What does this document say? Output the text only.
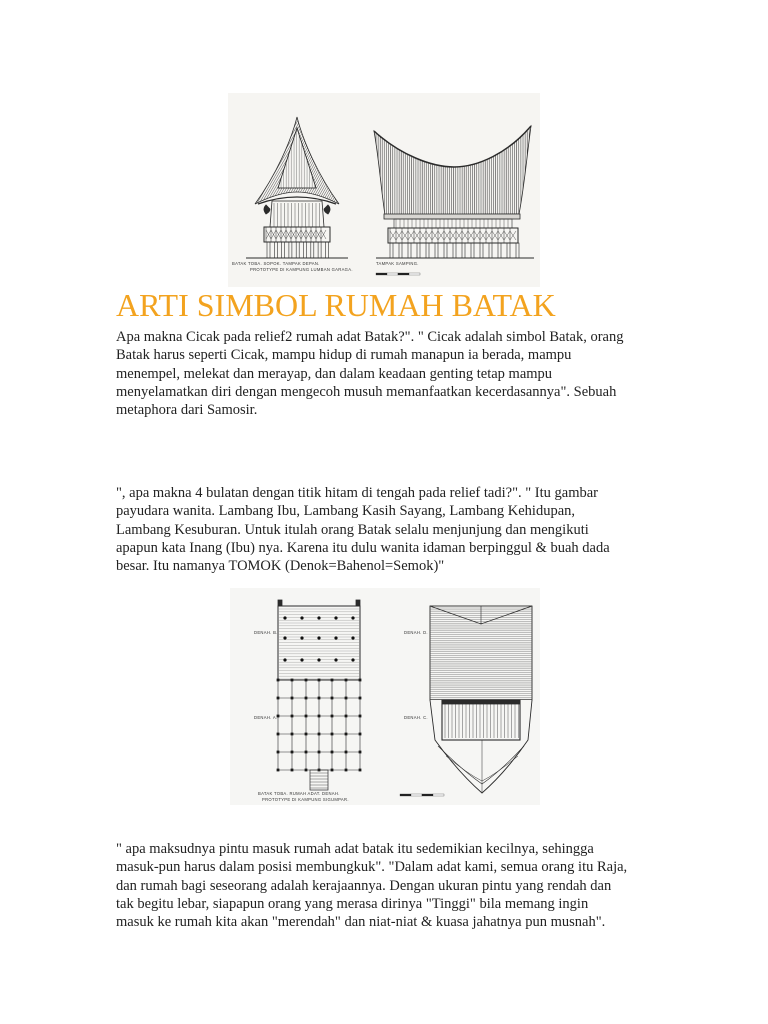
BATAK TOBA. SOPOK. TAMPAK DEPAN.
PROTOTYPE DI KAMPUNG LUMBAN GARAGA.
TAMPAK SAMPING.
ARTI SIMBOL RUMAH BATAK
Apa makna Cicak pada relief2 rumah adat Batak?". " Cicak adalah simbol Batak, orang
Batak harus seperti Cicak, mampu hidup di rumah manapun ia berada, mampu
menempel, melekat dan merayap, dan dalam keadaan genting tetap mampu
menyelamatkan diri dengan mengecoh musuh memanfaatkan kecerdasannya". Sebuah
metaphora dari Samosir.
", apa makna 4 bulatan dengan titik hitam di tengah pada relief tadi?". " Itu gambar
payudara wanita. Lambang Ibu, Lambang Kasih Sayang, Lambang Kehidupan,
Lambang Kesuburan. Untuk itulah orang Batak selalu menjunjung dan mengikuti
apapun kata Inang (Ibu) nya. Karena itu dulu wanita idaman berpinggul & buah dada
besar. Itu namanya TOMOK (Denok=Bahenol=Semok)"
DENAH. B.
DENAH. A.
DENAH. D.
DENAH. C.
BATAK TOBA. RUMAH ADAT. DENAH.
PROTOTYPE DI KAMPUNG SIGUMPAR.
" apa maksudnya pintu masuk rumah adat batak itu sedemikian kecilnya, sehingga
masuk-pun harus dalam posisi membungkuk". "Dalam adat kami, semua orang itu Raja,
dan rumah bagi seseorang adalah kerajaannya. Dengan ukuran pintu yang rendah dan
tak begitu lebar, siapapun orang yang merasa dirinya "Tinggi" bila memang ingin
masuk ke rumah kita akan "merendah" dan niat-niat & kuasa jahatnya pun musnah".
